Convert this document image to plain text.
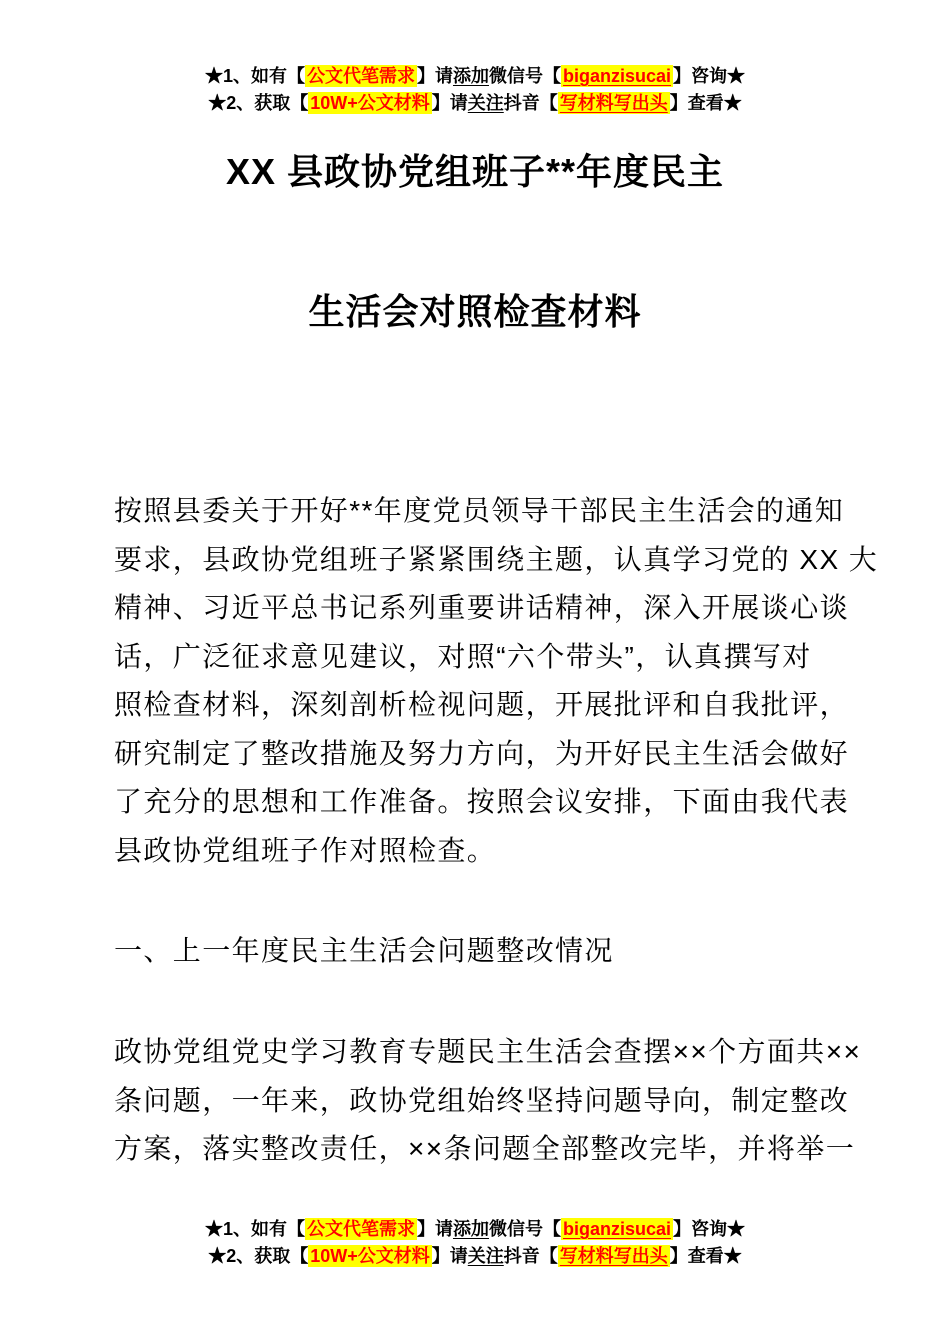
★1、如有【 公文代笔需求 】请添加微信号【 biganzisucai 】咨询★
★2、获取【 10W+公文材料 】请关注抖音【 写材料写出头 】查看★
XX 县政协党组班子**年度民主
生活会对照检查材料
按照县委关于开好**年度党员领导干部民主生活会的通知
要求，县政协党组班子紧紧围绕主题，认真学习党的 XX 大
精神、习近平总书记系列重要讲话精神，深入开展谈心谈
话，广泛征求意见建议，对照“六个带头”，认真撰写对
照检查材料，深刻剖析检视问题，开展批评和自我批评，
研究制定了整改措施及努力方向，为开好民主生活会做好
了充分的思想和工作准备。按照会议安排，下面由我代表
县政协党组班子作对照检查。
一、上一年度民主生活会问题整改情况
政协党组党史学习教育专题民主生活会查摆××个方面共××
条问题，一年来，政协党组始终坚持问题导向，制定整改
方案，落实整改责任，××条问题全部整改完毕，并将举一
★1、如有【 公文代笔需求 】请添加微信号【 biganzisucai 】咨询★
★2、获取【 10W+公文材料 】请关注抖音【 写材料写出头 】查看★
